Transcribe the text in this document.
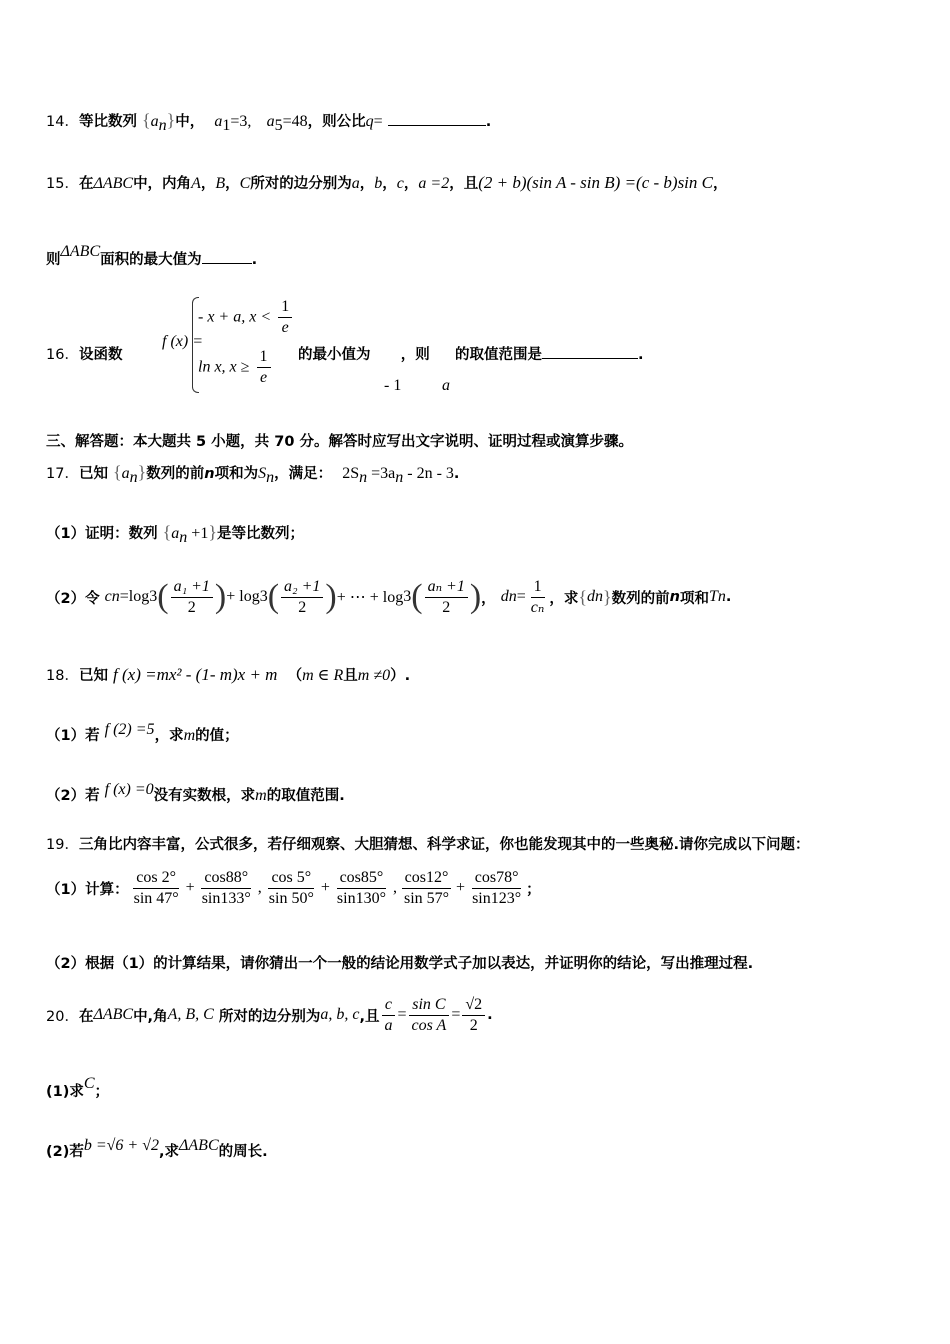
14．等比数列 $\{a_n\}$中， $a_1=3$, $a_5=48$，则公比q=	.
15．在ΔABC中，内角A，B，C所对的边分别为a，b，c，a =2，且(2 + b)(sin A - sin B) =(c - b)sin C，
则ΔABC面积的最大值为	.
16．设函数
f (x) =
- x + a, $x < \frac{1}{e}$
ln x, $x \ge \frac{1}{e}$ 的最小值为 ，则 的取值范围是	.
- 1	a
三、解答题：本大题共 5 小题，共 70 分。解答时应写出文字说明、证明过程或演算步骤。
17．已知 $\{a_n\}$数列的前n项和为$S_n$，满足： $2S_n =3a_n - 2n - 3$.
（1）证明：数列 $\{a_n +1\}$是等比数列；
（2）令
c n =log 3 ( $\frac{\text{a₁ +1}}{2}$ ) + log 3 ( $\frac{\text{a₂ +1}}{2}$ ) + ⋯ + log 3 ( $\frac{\text{aₙ +1}}{2}$ ) ，
d $n = \frac{1}{\text{cₙ}}$ ，求 { d n } 数列的前 n 项和 T n .
18．已知 f (x) =mx² - (1- m)x + m （m ∈ R且m ≠0）.
（1）若 f (2) =5，求m的值；
（2）若 f (x) =0没有实数根，求m的取值范围.
19．三角比内容丰富，公式很多，若仔细观察、大胆猜想、科学求证，你也能发现其中的一些奥秘.请你完成以下问题：
（1）计算： $\frac{\cos 2^\circ}{\sin 47^\circ} + \frac{\cos 88^\circ}{\sin 133^\circ}$ , $\frac{\cos 5^\circ}{\sin 50^\circ} + \frac{\cos 85^\circ}{\sin 130^\circ}$ , $\frac{\cos 12^\circ}{\sin 57^\circ} + \frac{\cos 78^\circ}{\sin 123^\circ}$ ；
（2）根据（1）的计算结果，请你猜出一个一般的结论用数学式子加以表达，并证明你的结论，写出推理过程.
20． 在 ΔABC 中,角 A, B, C
所对的边分别为 a, b, c ,且 $\frac{c}{a} = \frac{\text{sin C}}{\text{cos A}} = \frac{√2}{2}$ .
(1)求C；
(2)若b =√6 + √2,求ΔABC的周长.
